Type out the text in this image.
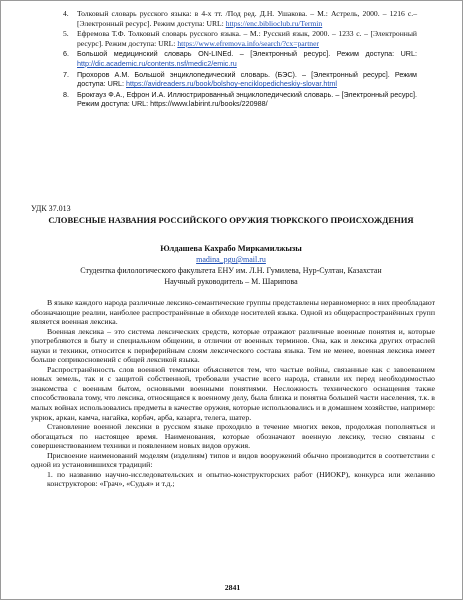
4. Толковый словарь русского языка: в 4-х тт. /Под ред. Д.Н. Ушакова. – М.: Астрель, 2000. – 1216 с.– [Электронный ресурс]. Режим доступа: URL: https://enc.biblioclub.ru/Termin
5. Ефремова Т.Ф. Толковый словарь русского языка. – М.: Русский язык, 2000. – 1233 с. – [Электронный ресурс]. Режим доступа: URL: https://www.efremova.info/search/?cx=partner
6. Большой медицинский словарь ON-LINEd. – [Электронный ресурс]. Режим доступа: URL: http://dic.academic.ru/contents.nsf/medic2/emic.ru
7. Прохоров А.М. Большой энциклопедический словарь. (БЭС). – [Электронный ресурс]. Режим доступа: URL: https://avidreaders.ru/book/bolshoy-enciklopedicheskiy-slovar.html
8. Брокгауз Ф.А., Ефрон И.А. Иллюстрированный энциклопедический словарь. – [Электронный ресурс]. Режим доступа: URL: https://www.labirint.ru/books/220988/
УДК 37.013
СЛОВЕСНЫЕ НАЗВАНИЯ РОССИЙСКОГО ОРУЖИЯ ТЮРКСКОГО ПРОИСХОЖДЕНИЯ
Юлдашева Кахрабо Миркамилжызы
madina_pgu@mail.ru
Студентка филологического факультета ЕНУ им. Л.Н. Гумилева, Нур-Султан, Казахстан
Научный руководитель – М. Шарипова

В языке каждого народа различные лексико-семантические группы представлены неравномерно: в них преобладают обозначающие реалии, наиболее распространённые в обиходе носителей языка. Одной из общераспространённых групп является военная лексика.

Военная лексика – это система лексических средств, которые отражают различные военные понятия и, которые употребляются в быту и специальном общении, в отличии от военных терминов. Она, как и лексика других отраслей науки и техники, относится к периферийным слоям лексического состава языка. Тем не менее, военная лексика имеет больше соприкосновений с общей лексикой языка.

Распространённость слов военной тематики объясняется тем, что частые войны, связанные как с завоеванием новых земель, так и с защитой собственной, требовали участие всего народа, ставили их перед необходимостью знакомства с военным бытом, основными военными понятиями. Несложность технического оснащения также способствовала тому, что лексика, относящаяся к военному делу, была близка и понятна большей части населения, т.к. в малых войнах использовались предметы в качестве оружия, которые использовались и в домашнем хозяйстве, например: укрюк, аркан, камча, нагайка, корбач, арба, казарга, телега, шатер.

Становление военной лексики в русском языке проходило в течение многих веков, продолжая пополняться и обогащаться по настоящее время. Наименования, которые обозначают военную лексику, тесно связаны с совершенствованием техники и появлением новых видов оружия.

Присвоение наименований моделям (изделиям) типов и видов вооружений обычно производится в соответствии с одной из установившихся традиций:

1. по названию научно-исследовательских и опытно-конструкторских работ (НИОКР), конкурса или желанию конструкторов: «Грач», «Судья» и т.д.;

2841
